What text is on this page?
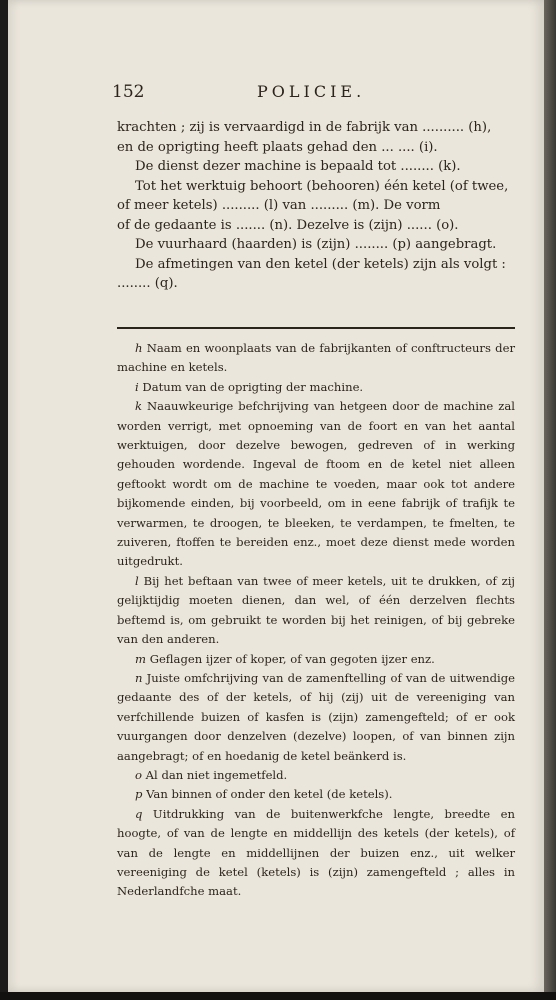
152	POLICIE.

krachten ; zij is vervaardigd in de fabrijk van .......... (h),

en de oprigting heeft plaats gehad den ... .... (i).

De dienst dezer machine is bepaald tot ........ (k).

Tot het werktuig behoort (behooren) één ketel (of twee,

of meer ketels) ......... (l) van ......... (m). De vorm

of de gedaante is ....... (n). Dezelve is (zijn) ...... (o).

De vuurhaard (haarden) is (zijn) ........ (p) aangebragt.

De afmetingen van den ketel (der ketels) zijn als volgt :

........ (q).

h Naam en woonplaats van de fabrijkanten of conftructeurs der machine en ketels.

i Datum van de oprigting der machine.

k Naauwkeurige befchrijving van hetgeen door de machine zal worden verrigt, met opnoeming van de foort en van het aantal werktuigen, door dezelve bewogen, gedreven of in werking gehouden wordende. Ingeval de ftoom en de ketel niet alleen geftookt wordt om de machine te voeden, maar ook tot andere bijkomende einden, bij voorbeeld, om in eene fabrijk of trafijk te verwarmen, te droogen, te bleeken, te verdampen, te fmelten, te zuiveren, ftoffen te bereiden enz., moet deze dienst mede worden uitgedrukt.

l Bij het beftaan van twee of meer ketels, uit te drukken, of zij gelijktijdig moeten dienen, dan wel, of één derzelven flechts beftemd is, om gebruikt te worden bij het reinigen, of bij gebreke van den anderen.

m Geflagen ijzer of koper, of van gegoten ijzer enz.

n Juiste omfchrijving van de zamenftelling of van de uitwendige gedaante des of der ketels, of hij (zij) uit de vereeniging van verfchillende buizen of kasfen is (zijn) zamengefteld; of er ook vuurgangen door denzelven (dezelve) loopen, of van binnen zijn aangebragt; of en hoedanig de ketel beänkerd is.

o Al dan niet ingemetfeld.

p Van binnen of onder den ketel (de ketels).

q Uitdrukking van de buitenwerkfche lengte, breedte en hoogte, of van de lengte en middellijn des ketels (der ketels), of van de lengte en middellijnen der buizen enz., uit welker vereeniging de ketel (ketels) is (zijn) zamengefteld ; alles in Nederlandfche maat.
